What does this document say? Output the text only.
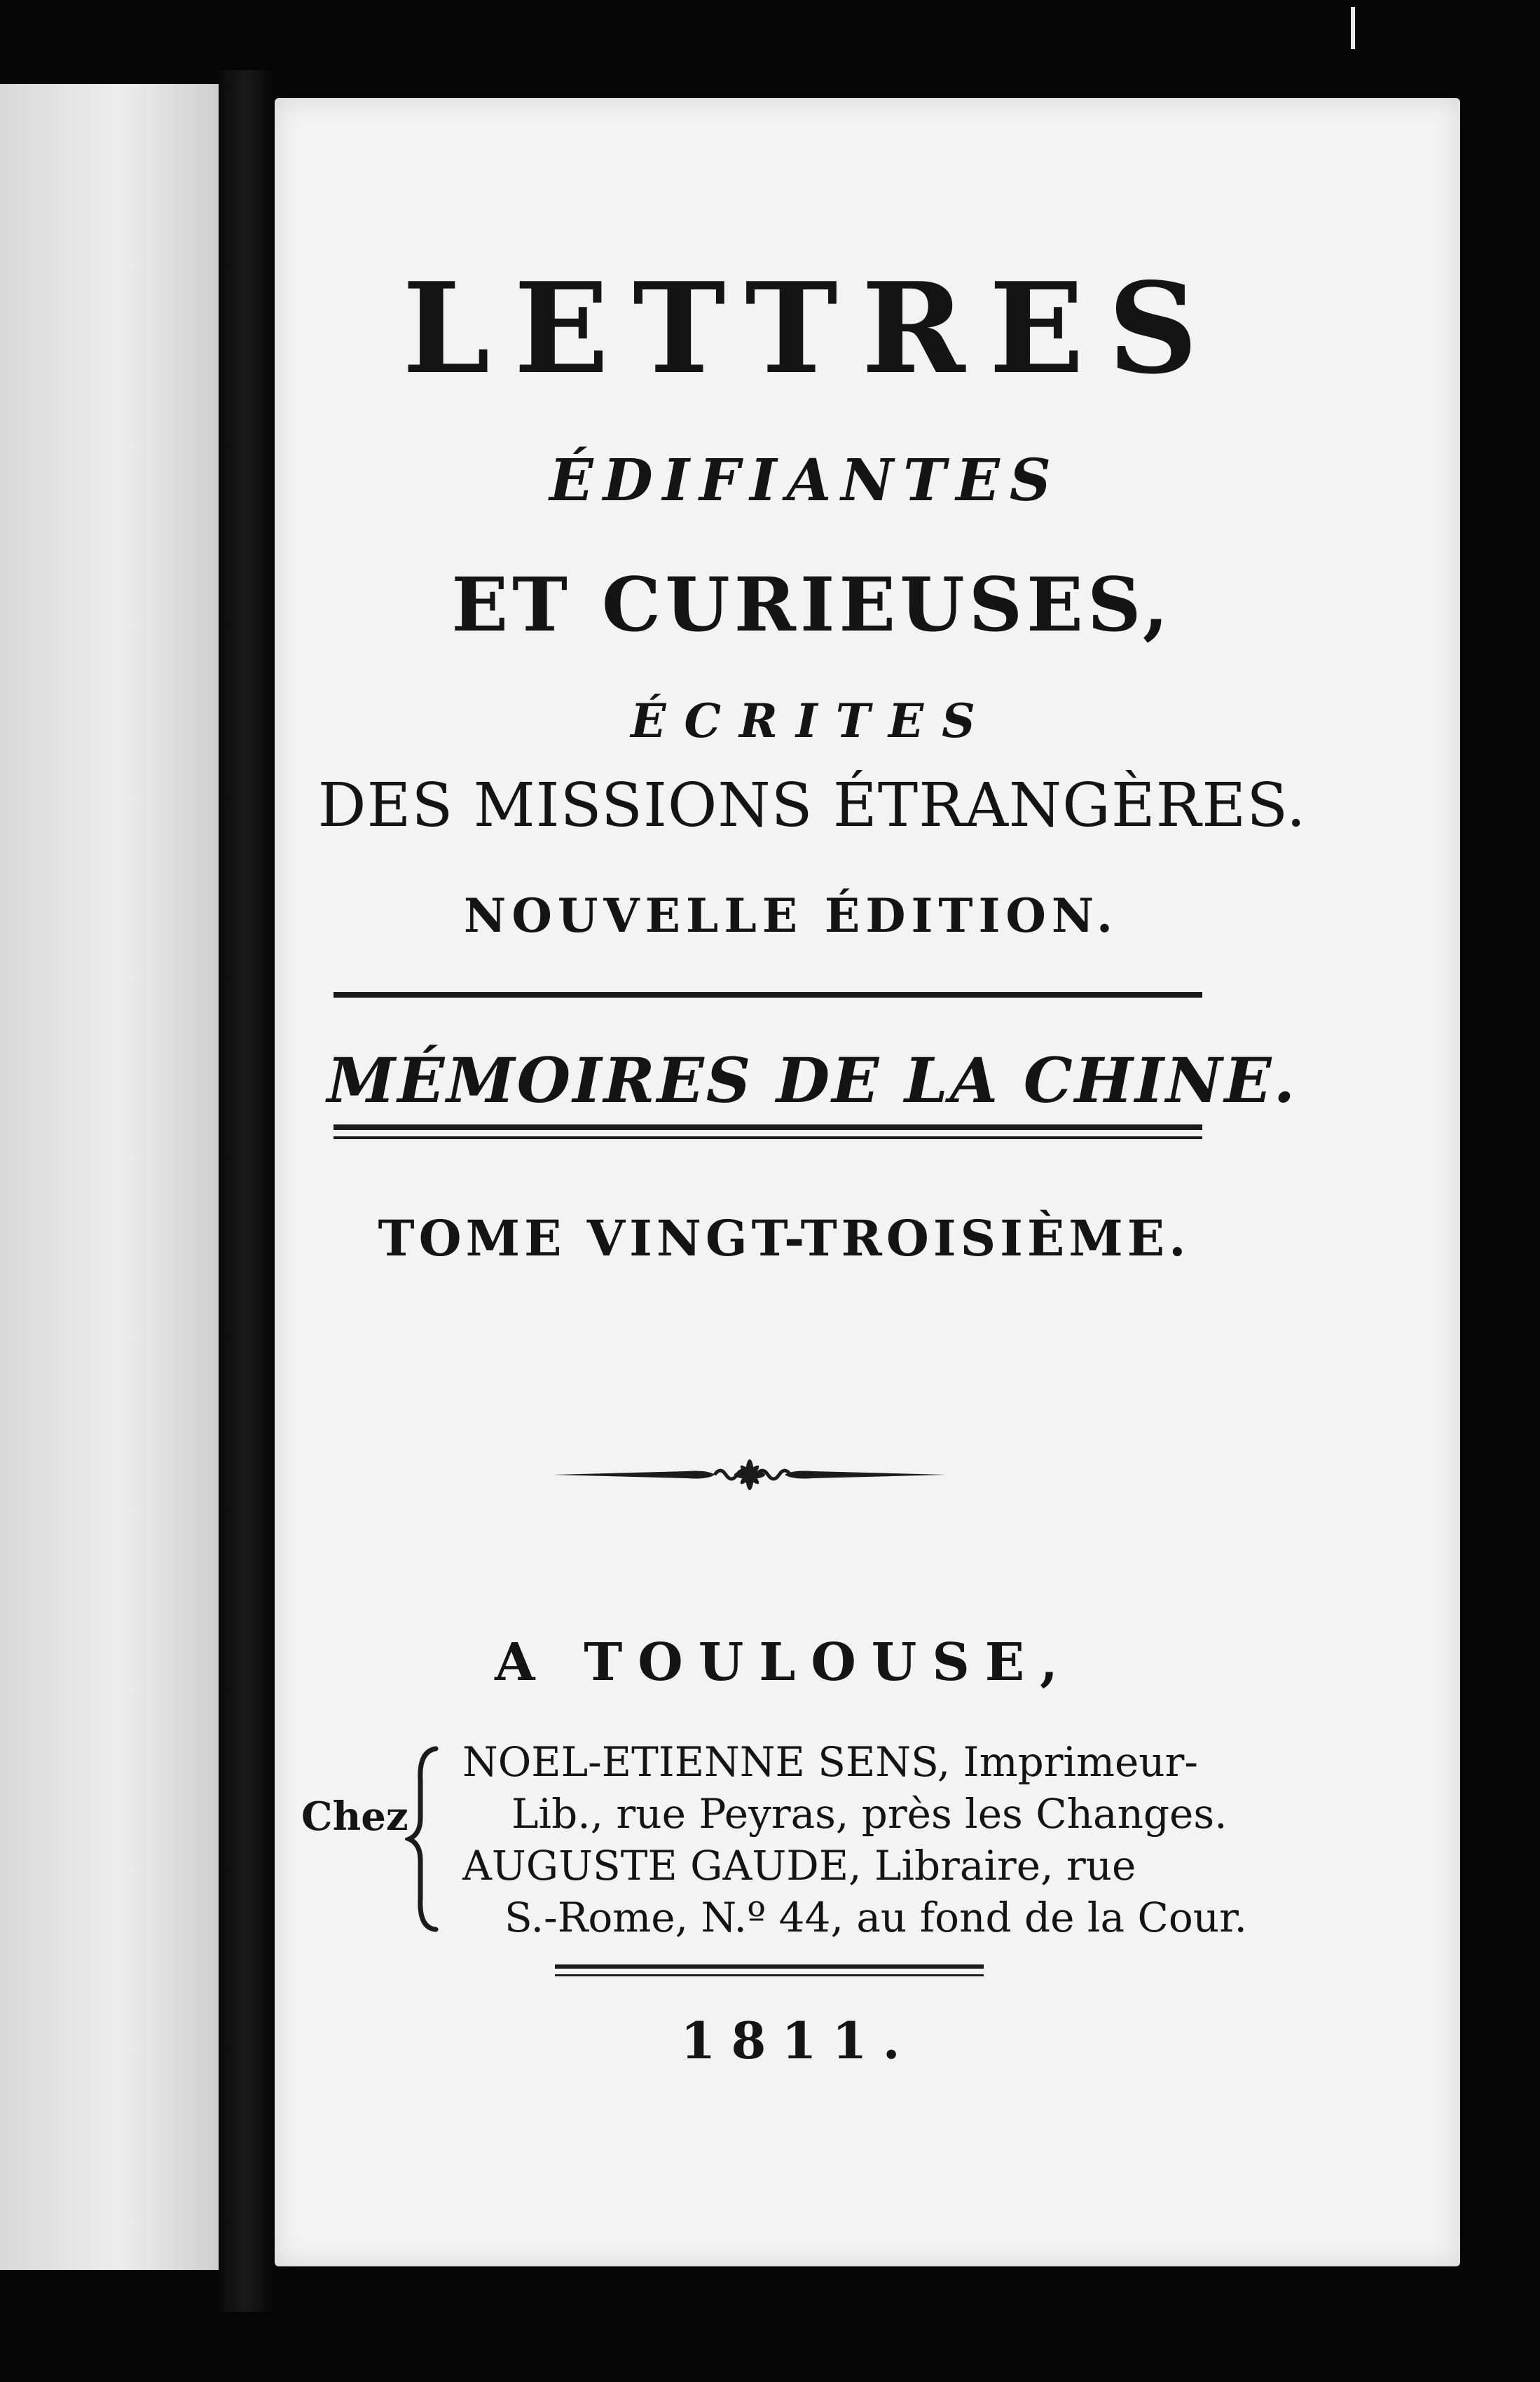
LETTRES

ÉDIFIANTES

ET CURIEUSES,

ÉCRITES

DES MISSIONS ÉTRANGÈRES.

NOUVELLE ÉDITION.

MÉMOIRES DE LA CHINE.

TOME VINGT-TROISIÈME.

A TOULOUSE,

Chez
NOEL-ETIENNE SENS, Imprimeur-
Lib., rue Peyras, près les Changes.
AUGUSTE GAUDE, Libraire, rue
S.-Rome, N.º 44, au fond de la Cour.

1811.
